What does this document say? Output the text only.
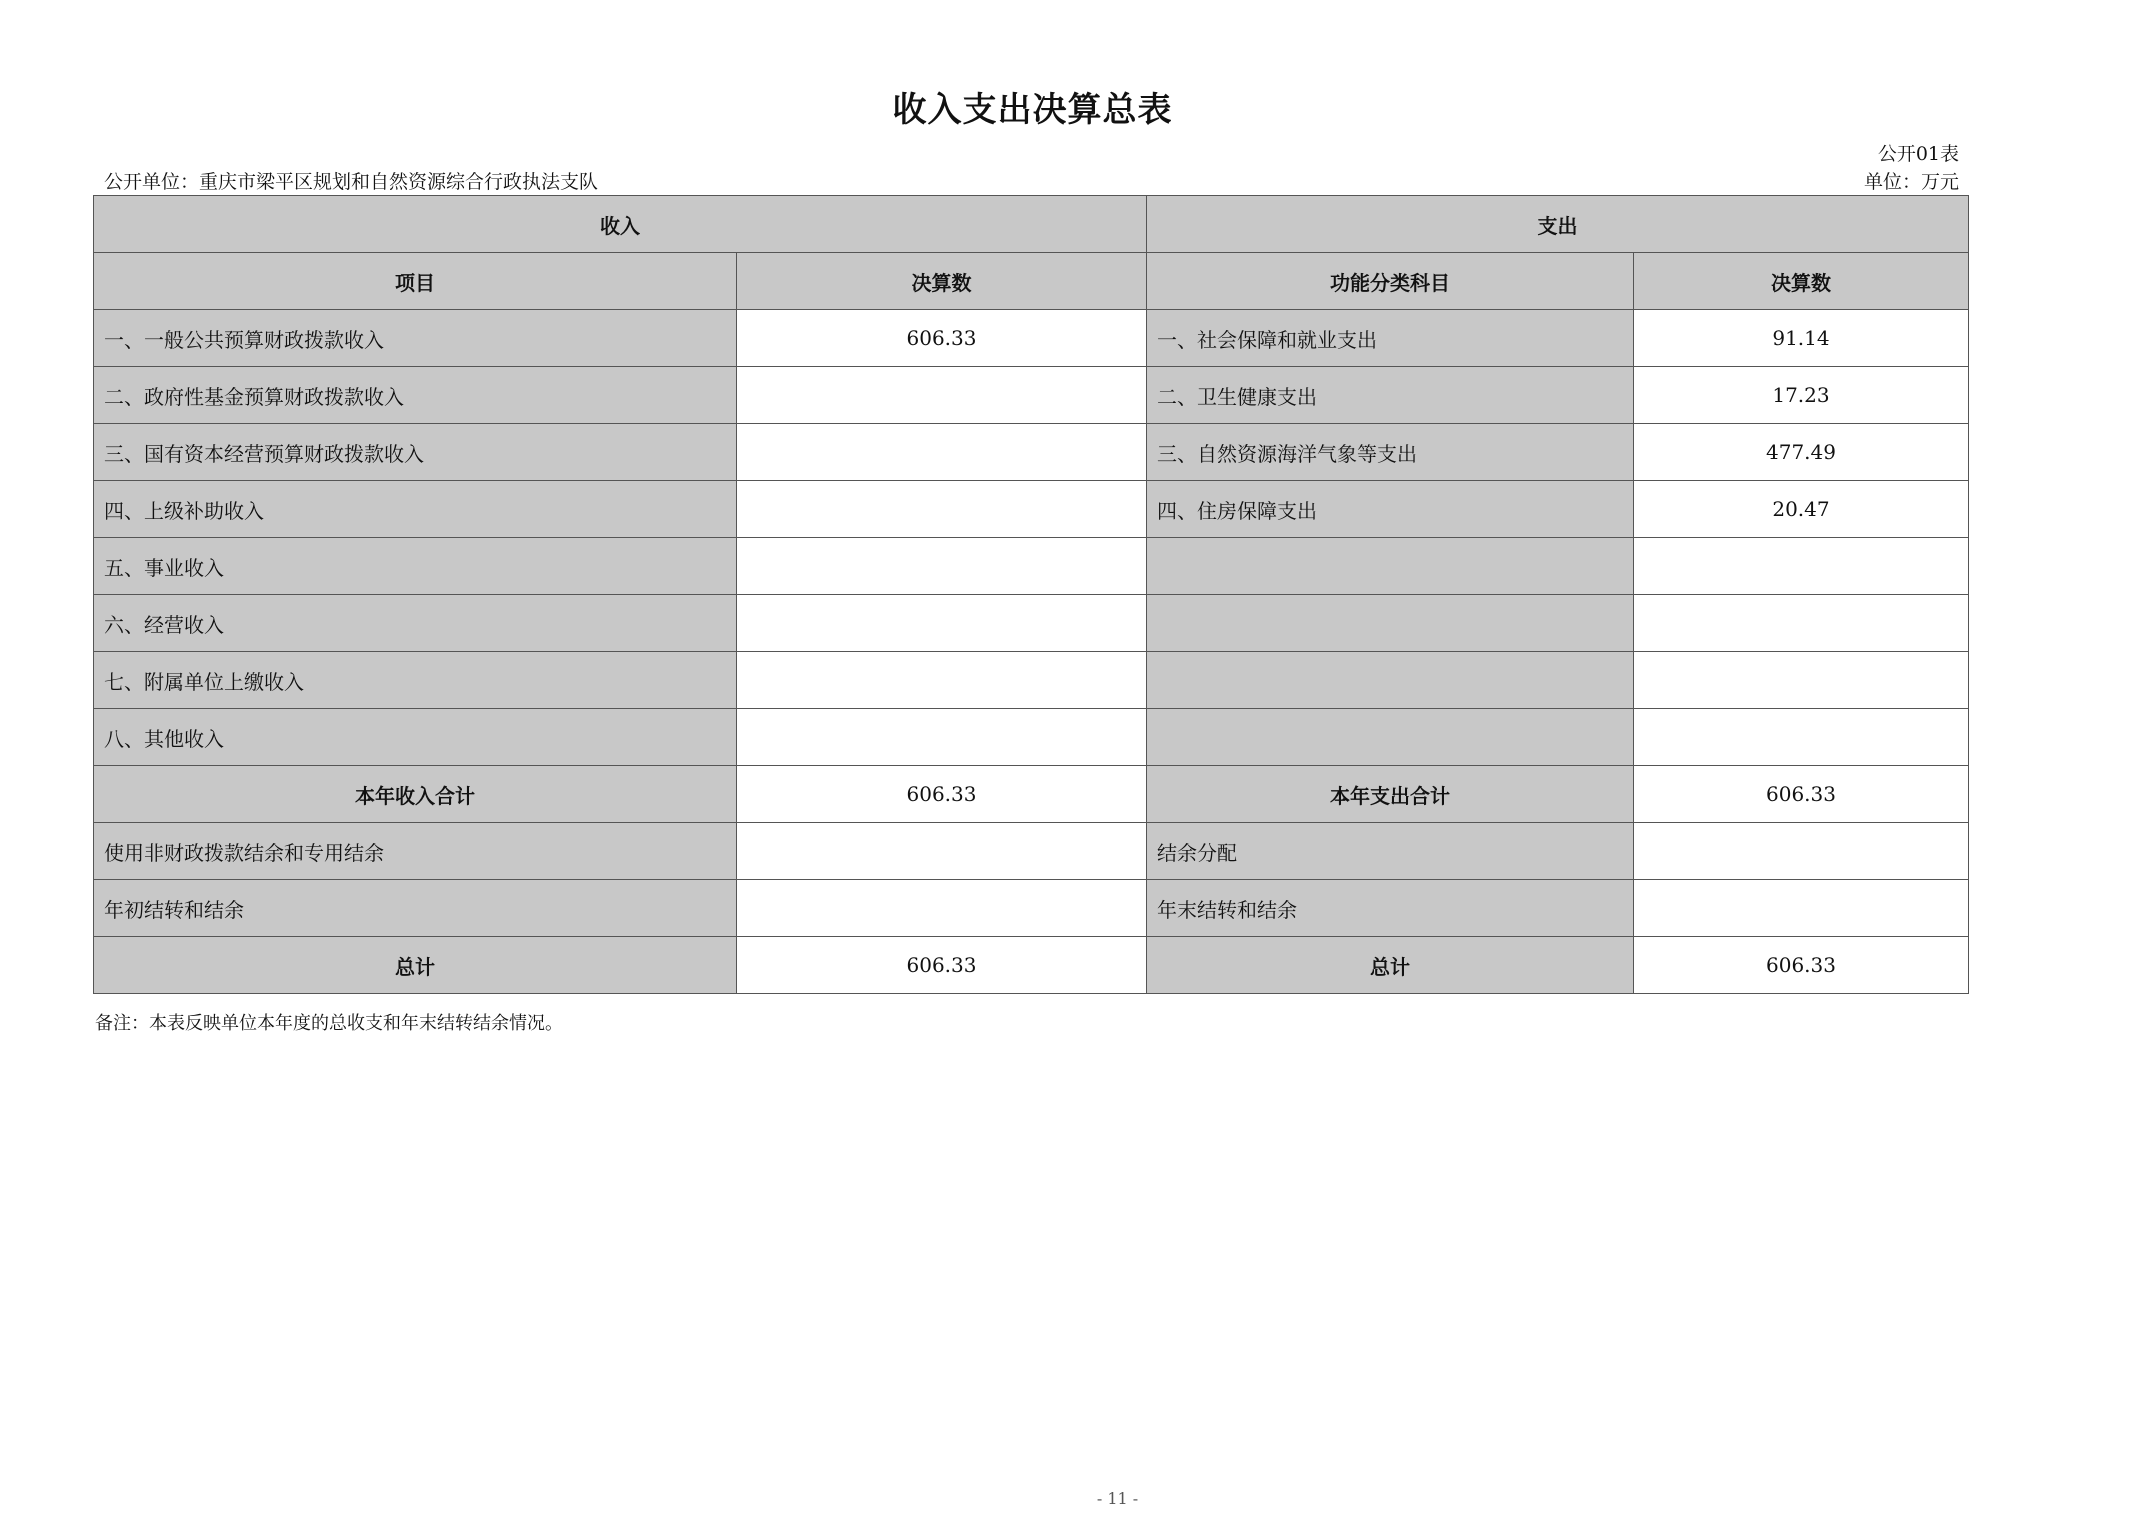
收入支出决算总表
公开01表
公开单位：重庆市梁平区规划和自然资源综合行政执法支队	单位：万元
收入		支出	
项目	决算数	功能分类科目	决算数
一、一般公共预算财政拨款收入	606.33	一、社会保障和就业支出	91.14
二、政府性基金预算财政拨款收入		二、卫生健康支出	17.23
三、国有资本经营预算财政拨款收入		三、自然资源海洋气象等支出	477.49
四、上级补助收入		四、住房保障支出	20.47
五、事业收入			
六、经营收入			
七、附属单位上缴收入			
八、其他收入			
本年收入合计	606.33	本年支出合计	606.33
使用非财政拨款结余和专用结余		结余分配	
年初结转和结余		年末结转和结余	
总计	606.33	总计	606.33
备注：本表反映单位本年度的总收支和年末结转结余情况。
- 11 -
